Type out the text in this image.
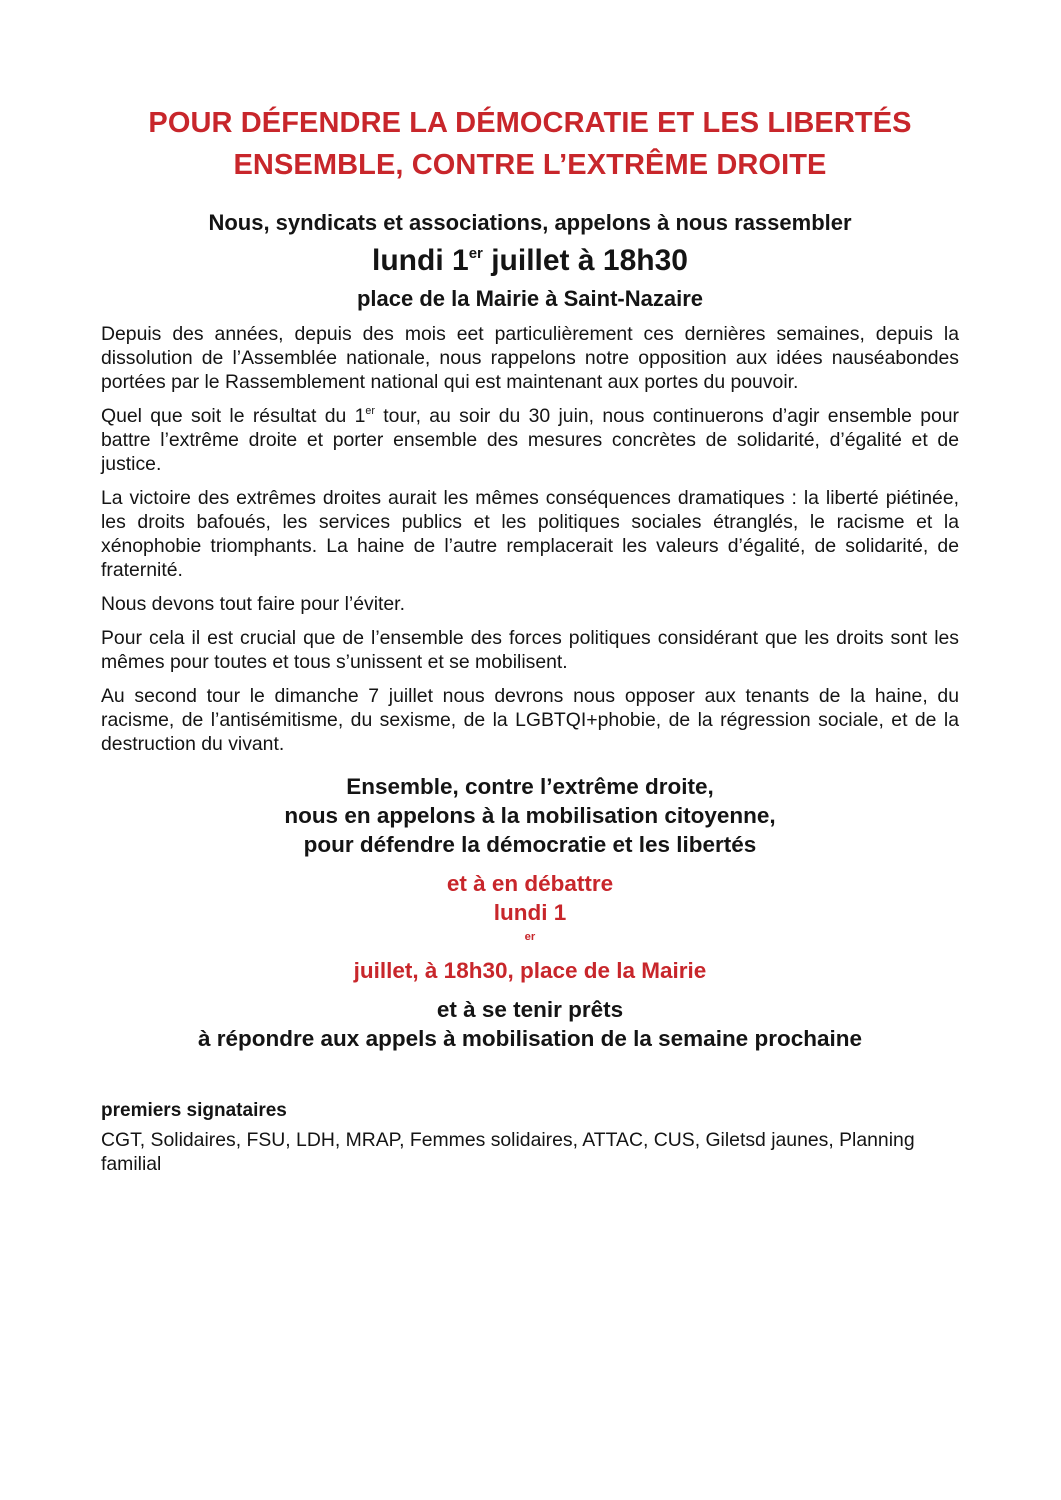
POUR DÉFENDRE LA DÉMOCRATIE ET LES LIBERTÉS
ENSEMBLE, CONTRE L’EXTRÊME DROITE
Nous, syndicats et associations, appelons à nous rassembler
lundi 1er juillet à 18h30
place de la Mairie à Saint-Nazaire

Depuis des années, depuis des mois eet particulièrement ces dernières semaines, depuis la dissolution de l’Assemblée nationale, nous rappelons notre opposition aux idées nauséabondes portées par le Rassemblement national qui est maintenant aux portes du pouvoir.

Quel que soit le résultat du 1er tour, au soir du 30 juin, nous continuerons d’agir ensemble pour battre l’extrême droite et porter ensemble des mesures concrètes de solidarité, d’égalité et de justice.

La victoire des extrêmes droites aurait les mêmes conséquences dramatiques : la liberté piétinée, les droits bafoués, les services publics et les politiques sociales étranglés, le racisme et la xénophobie triomphants. La haine de l’autre remplacerait les valeurs d’égalité, de solidarité, de fraternité.

Nous devons tout faire pour l’éviter.

Pour cela il est crucial que de l’ensemble des forces politiques considérant que les droits sont les mêmes pour toutes et tous s’unissent et se mobilisent.

Au second tour le dimanche 7 juillet nous devrons nous opposer aux tenants de la haine, du racisme, de l’antisémitisme, du sexisme, de la LGBTQI+phobie, de la régression sociale, et de la destruction du vivant.

Ensemble, contre l’extrême droite,
nous en appelons à la mobilisation citoyenne,
pour défendre la démocratie et les libertés
et à en débattre
lundi 1
$^{er}$
juillet, à 18h30, place de la Mairie
et à se tenir prêts
à répondre aux appels à mobilisation de la semaine prochaine
premiers signataires
CGT, Solidaires, FSU, LDH, MRAP, Femmes solidaires, ATTAC, CUS, Giletsd jaunes, Planning familial
